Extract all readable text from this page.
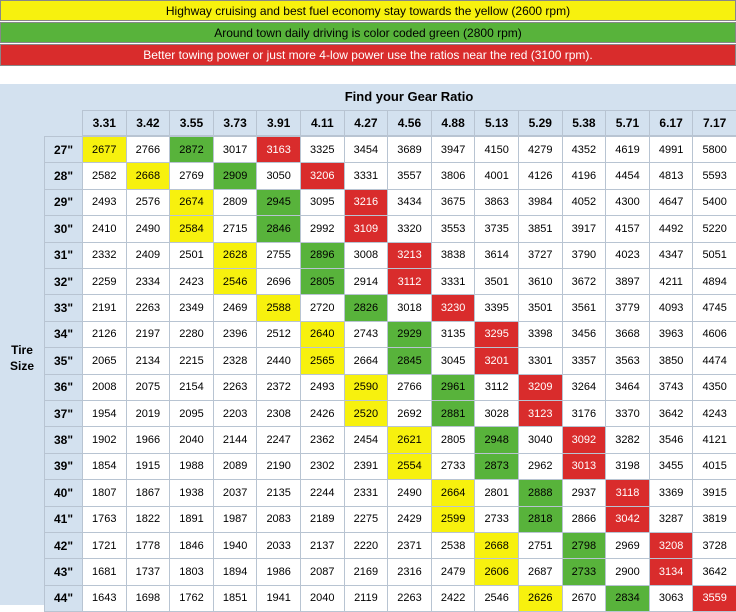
Highway cruising and best fuel economy stay towards the yellow (2600 rpm)
Around town daily driving is color coded green (2800 rpm)
Better towing power or just more 4-low power use the ratios near the red (3100 rpm).
Find your Gear Ratio
Tire Size
3.31	3.42	3.55	3.73	3.91	4.11	4.27	4.56	4.88	5.13	5.29	5.38	5.71	6.17	7.17
27"	2677	2766	2872	3017	3163	3325	3454	3689	3947	4150	4279	4352	4619	4991	5800
28"	2582	2668	2769	2909	3050	3206	3331	3557	3806	4001	4126	4196	4454	4813	5593
29"	2493	2576	2674	2809	2945	3095	3216	3434	3675	3863	3984	4052	4300	4647	5400
30"	2410	2490	2584	2715	2846	2992	3109	3320	3553	3735	3851	3917	4157	4492	5220
31"	2332	2409	2501	2628	2755	2896	3008	3213	3838	3614	3727	3790	4023	4347	5051
32"	2259	2334	2423	2546	2696	2805	2914	3112	3331	3501	3610	3672	3897	4211	4894
33"	2191	2263	2349	2469	2588	2720	2826	3018	3230	3395	3501	3561	3779	4093	4745
34"	2126	2197	2280	2396	2512	2640	2743	2929	3135	3295	3398	3456	3668	3963	4606
35"	2065	2134	2215	2328	2440	2565	2664	2845	3045	3201	3301	3357	3563	3850	4474
36"	2008	2075	2154	2263	2372	2493	2590	2766	2961	3112	3209	3264	3464	3743	4350
37"	1954	2019	2095	2203	2308	2426	2520	2692	2881	3028	3123	3176	3370	3642	4243
38"	1902	1966	2040	2144	2247	2362	2454	2621	2805	2948	3040	3092	3282	3546	4121
39"	1854	1915	1988	2089	2190	2302	2391	2554	2733	2873	2962	3013	3198	3455	4015
40"	1807	1867	1938	2037	2135	2244	2331	2490	2664	2801	2888	2937	3118	3369	3915
41"	1763	1822	1891	1987	2083	2189	2275	2429	2599	2733	2818	2866	3042	3287	3819
42"	1721	1778	1846	1940	2033	2137	2220	2371	2538	2668	2751	2798	2969	3208	3728
43"	1681	1737	1803	1894	1986	2087	2169	2316	2479	2606	2687	2733	2900	3134	3642
44"	1643	1698	1762	1851	1941	2040	2119	2263	2422	2546	2626	2670	2834	3063	3559
